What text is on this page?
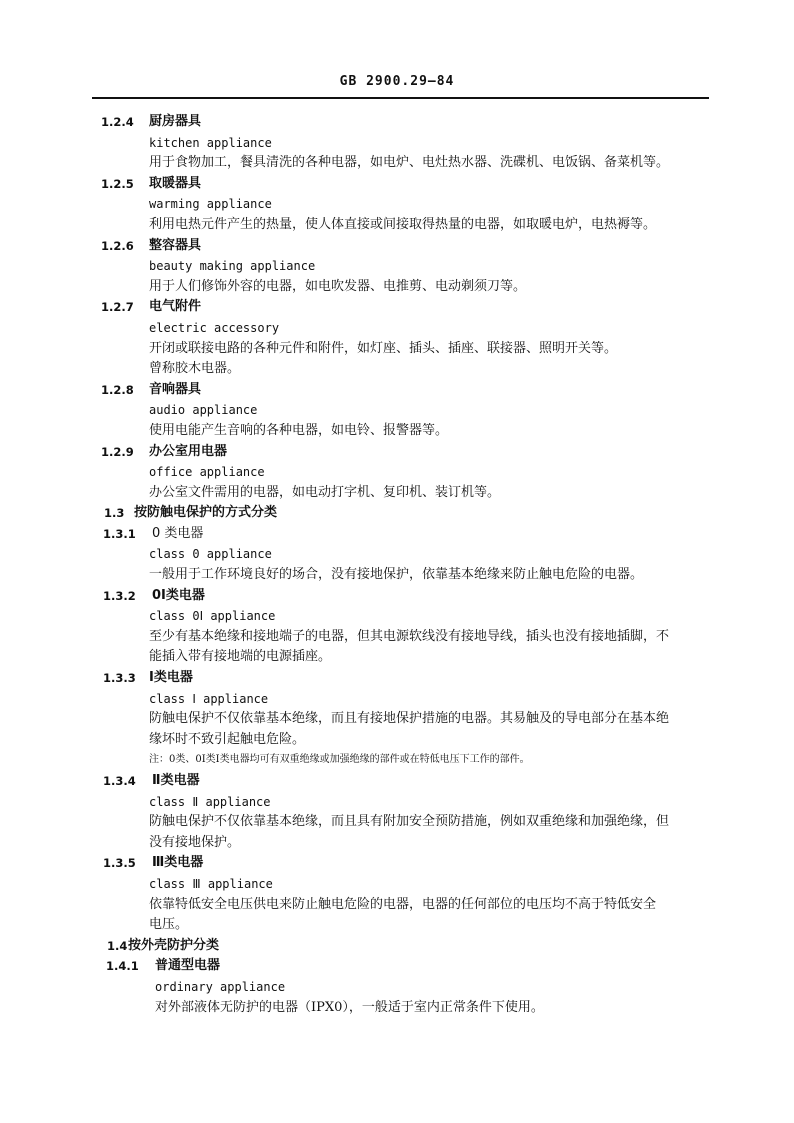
GB 2900.29—84
1.2.4 厨房器具
kitchen appliance
用于食物加工，餐具清洗的各种电器，如电炉、电灶热水器、洗碟机、电饭锅、备菜机等。
1.2.5 取暖器具
warming appliance
利用电热元件产生的热量，使人体直接或间接取得热量的电器，如取暖电炉，电热褥等。
1.2.6 整容器具
beauty making appliance
用于人们修饰外容的电器，如电吹发器、电推剪、电动剃须刀等。
1.2.7 电气附件
electric accessory
开闭或联接电路的各种元件和附件，如灯座、插头、插座、联接器、照明开关等。
曾称胶木电器。
1.2.8 音响器具
audio appliance
使用电能产生音响的各种电器，如电铃、报警器等。
1.2.9 办公室用电器
office appliance
办公室文件需用的电器，如电动打字机、复印机、装订机等。
1.3 按防触电保护的方式分类
1.3.1 0 类电器
class 0 appliance
一般用于工作环境良好的场合，没有接地保护，依靠基本绝缘来防止触电危险的电器。
1.3.2 0Ⅰ类电器
class 0Ⅰ appliance
至少有基本绝缘和接地端子的电器，但其电源软线没有接地导线，插头也没有接地插脚，不
能插入带有接地端的电源插座。
1.3.3 Ⅰ类电器
class Ⅰ appliance
防触电保护不仅依靠基本绝缘，而且有接地保护措施的电器。其易触及的导电部分在基本绝
缘坏时不致引起触电危险。
注：0类、0Ⅰ类Ⅰ类电器均可有双重绝缘或加强绝缘的部件或在特低电压下工作的部件。
1.3.4 Ⅱ类电器
class Ⅱ appliance
防触电保护不仅依靠基本绝缘，而且具有附加安全预防措施，例如双重绝缘和加强绝缘，但
没有接地保护。
1.3.5 Ⅲ类电器
class Ⅲ appliance
依靠特低安全电压供电来防止触电危险的电器，电器的任何部位的电压均不高于特低安全
电压。
1.4 按外壳防护分类
1.4.1 普通型电器
ordinary appliance
对外部液体无防护的电器（IPX0），一般适于室内正常条件下使用。
